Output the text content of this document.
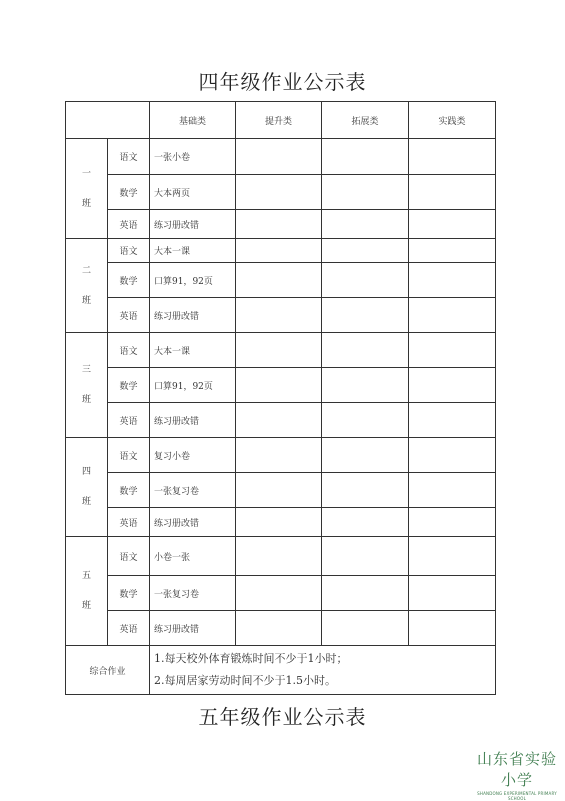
四年级作业公示表
		基础类	提升类	拓展类	实践类

一
班	语文	一张小卷			
	数学	大本两页			
	英语	练习册改错			

二
班	语文	大本一课			
	数学	口算91，92页			
	英语	练习册改错			

三
班	语文	大本一课			
	数学	口算91，92页			
	英语	练习册改错			

四
班	语文	复习小卷			
	数学	一张复习卷			
	英语	练习册改错			

五
班	语文	小卷一张			
	数学	一张复习卷			
	英语	练习册改错			
综合作业		1.每天校外体育锻炼时间不少于1小时；
2.每周居家劳动时间不少于1.5小时。			
五年级作业公示表
山东省实验小学
SHANDONG EXPERIMENTAL PRIMARY SCHOOL
